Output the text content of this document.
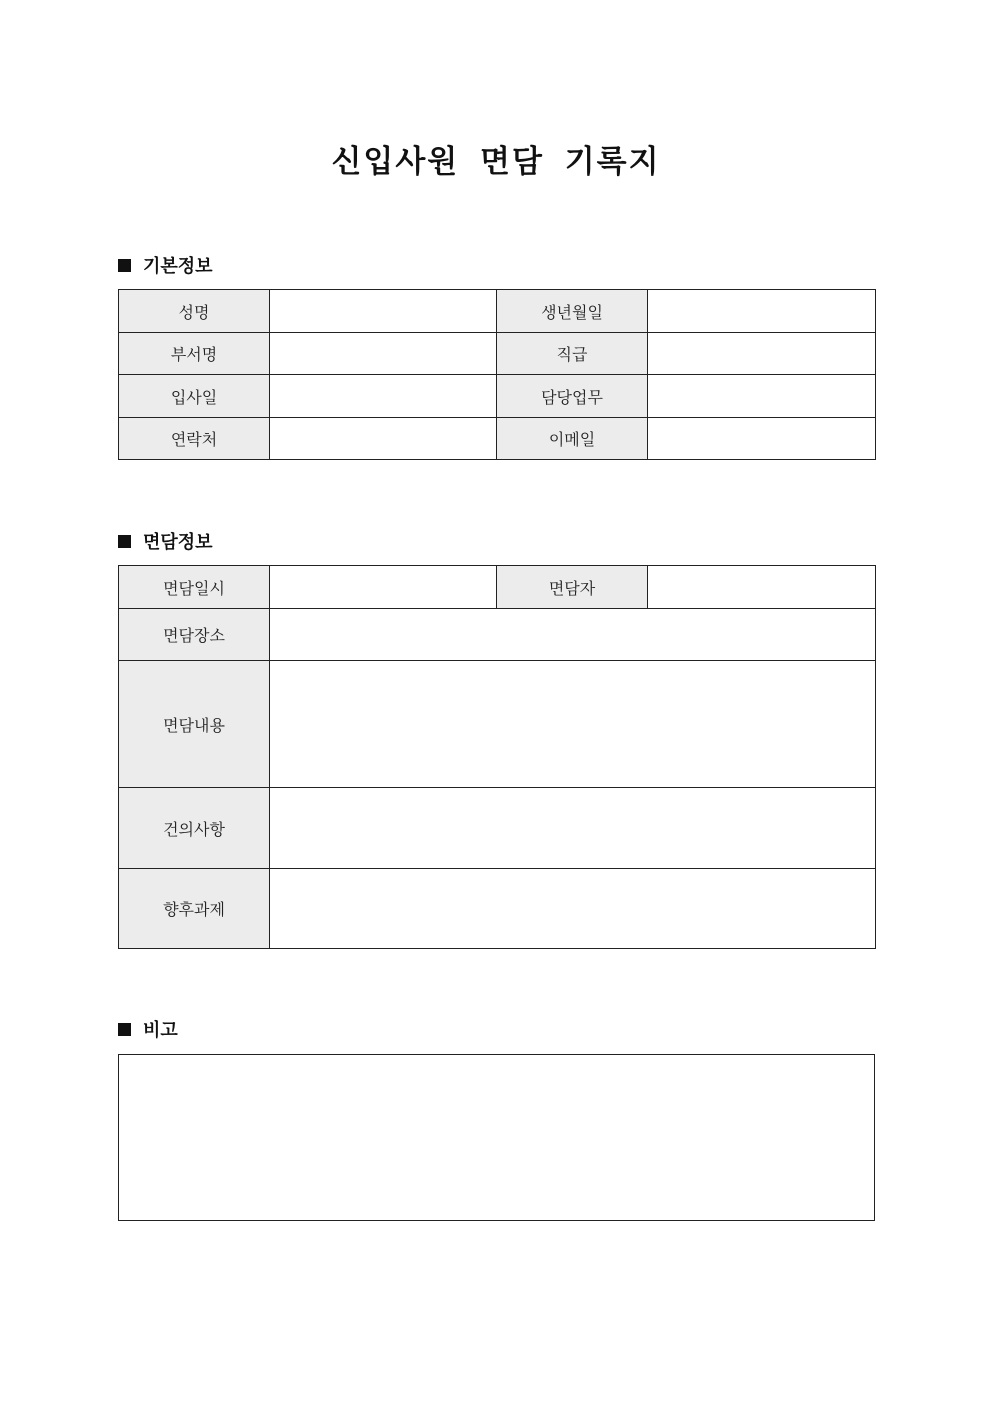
신입사원 면담 기록지
기본정보
성명		생년월일	
부서명		직급	
입사일		담당업무	
연락처		이메일	
면담정보
면담일시		면담자	
면담장소			
면담내용			
건의사항			
향후과제			
비고
